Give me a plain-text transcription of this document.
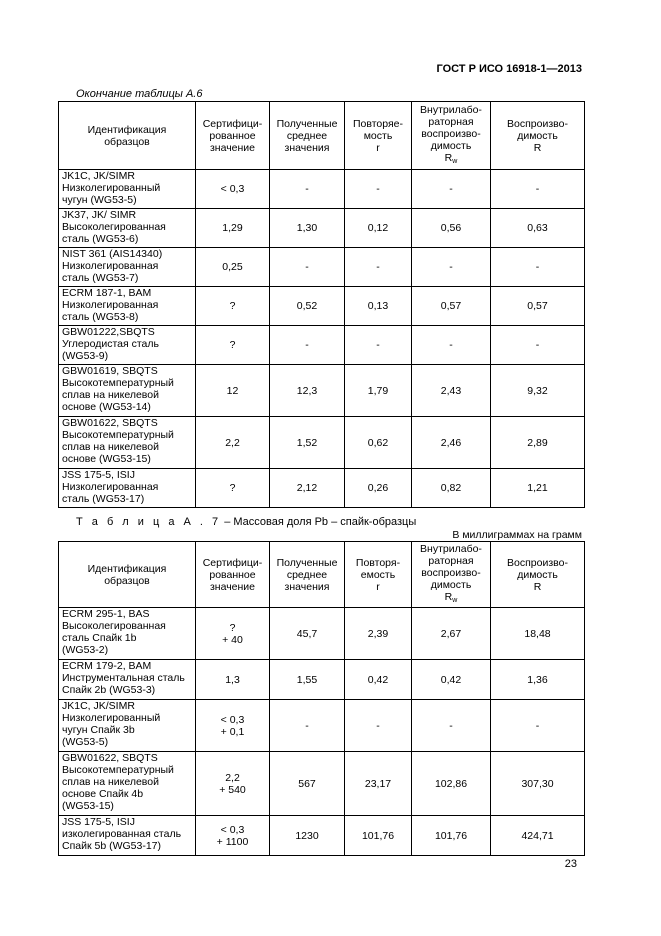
ГОСТ Р ИСО 16918-1—2013
Окончание таблицы А.6
Идентификация
образцов	Сертифици-
рованное
значение	Полученные
среднее
значения	Повторяе-
мость
r	Внутрилабо-
раторная
воспроизво-
димость
$R_w$	Воспроизво-
димость
R

JK1C, JK/SIMR
Низколегированный
чугун (WG53-5)	< 0,3	-	-	-	-

JK37, JK/ SIMR
Высоколегированная
сталь (WG53-6)	1,29	1,30	0,12	0,56	0,63

NIST 361 (AIS14340)
Низколегированная
сталь (WG53-7)	0,25	-	-	-	-

ECRM 187-1, BAM
Низколегированная
сталь (WG53-8)	?	0,52	0,13	0,57	0,57

GBW01222,SBQTS
Углеродистая сталь
(WG53-9)	?	-	-	-	-

GBW01619, SBQTS
Высокотемпературный
сплав на никелевой
основе (WG53-14)	12	12,3	1,79	2,43	9,32

GBW01622, SBQTS
Высокотемпературный
сплав на никелевой
основе (WG53-15)	2,2	1,52	0,62	2,46	2,89

JSS 175-5, ISIJ
Низколегированная
сталь (WG53-17)	?	2,12	0,26	0,82	1,21
Т а б л и ц а А . 7 – Массовая доля Pb – спайк-образцы
В миллиграммах на грамм
Идентификация
образцов	Сертифици-
рованное
значение	Полученные
среднее
значения	Повторя-
емость
r	Внутрилабо-
раторная
воспроизво-
димость
$R_w$	Воспроизво-
димость
R

ECRM 295-1, BAS
Высоколегированная
сталь Спайк 1b
(WG53-2)	?
+ 40	45,7	2,39	2,67	18,48

ECRM 179-2, BAM
Инструментальная сталь
Спайк 2b (WG53-3)	1,3	1,55	0,42	0,42	1,36

JK1C, JK/SIMR
Низколегированный
чугун Спайк 3b
(WG53-5)	< 0,3
+ 0,1	-	-	-	-

GBW01622, SBQTS
Высокотемпературный
сплав на никелевой
основе Спайк 4b
(WG53-15)	2,2
+ 540	567	23,17	102,86	307,30

JSS 175-5, ISIJ
изколегированная сталь
Спайк 5b (WG53-17)	< 0,3
+ 1100	1230	101,76	101,76	424,71
23
